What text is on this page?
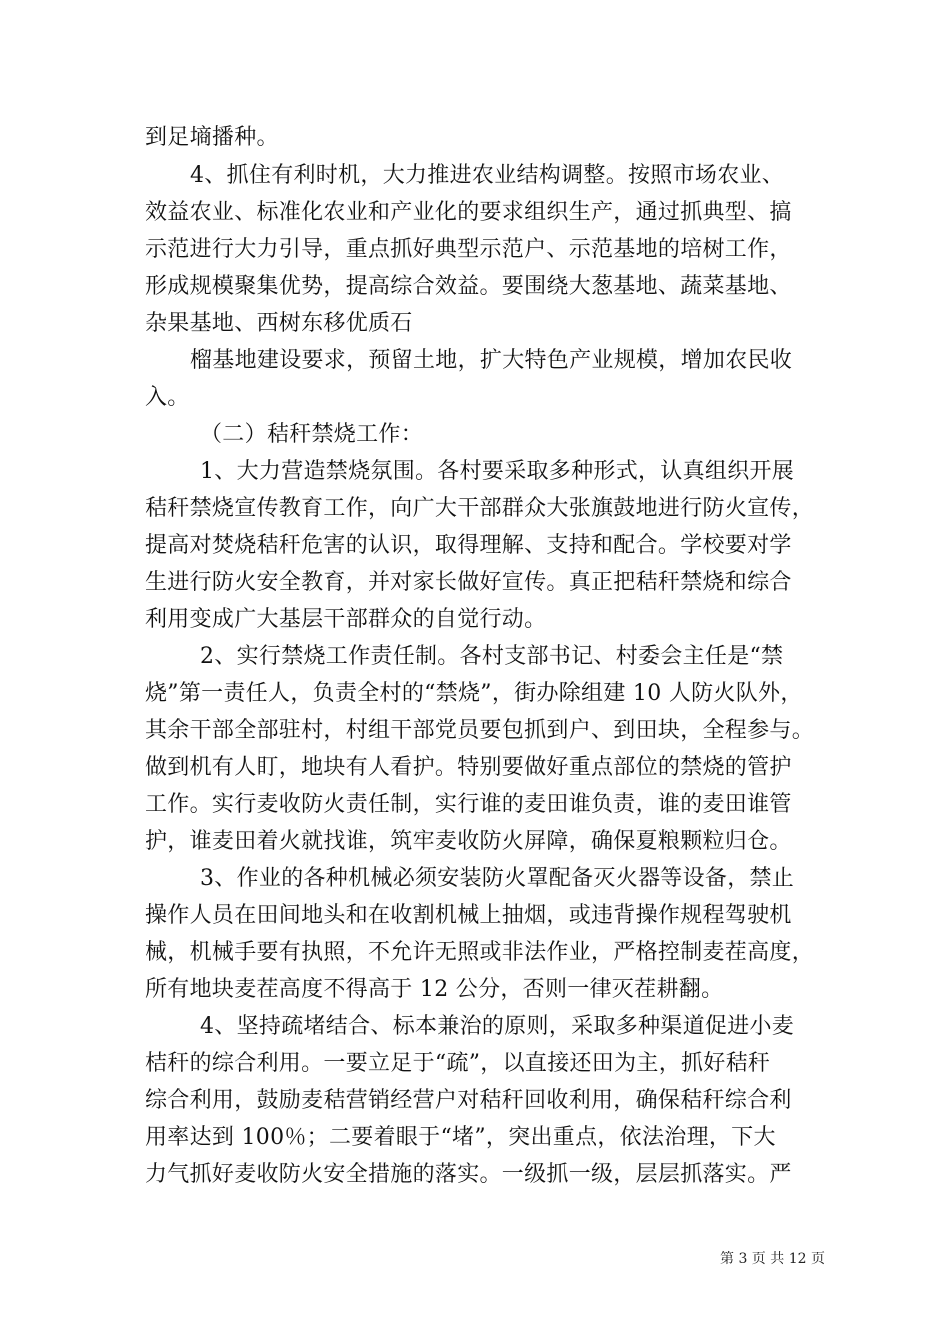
到足墒播种。
4、抓住有利时机，大力推进农业结构调整。按照市场农业、
效益农业、标准化农业和产业化的要求组织生产，通过抓典型、搞
示范进行大力引导，重点抓好典型示范户、示范基地的培树工作，
形成规模聚集优势，提高综合效益。要围绕大葱基地、蔬菜基地、
杂果基地、西树东移优质石
榴基地建设要求，预留土地，扩大特色产业规模，增加农民收
入。
（二）秸秆禁烧工作：
1、大力营造禁烧氛围。各村要采取多种形式，认真组织开展
秸秆禁烧宣传教育工作，向广大干部群众大张旗鼓地进行防火宣传，
提高对焚烧秸秆危害的认识，取得理解、支持和配合。学校要对学
生进行防火安全教育，并对家长做好宣传。真正把秸秆禁烧和综合
利用变成广大基层干部群众的自觉行动。
2、实行禁烧工作责任制。各村支部书记、村委会主任是“禁
烧”第一责任人，负责全村的“禁烧”，街办除组建 10 人防火队外，
其余干部全部驻村，村组干部党员要包抓到户、到田块，全程参与。
做到机有人盯，地块有人看护。特别要做好重点部位的禁烧的管护
工作。实行麦收防火责任制，实行谁的麦田谁负责，谁的麦田谁管
护，谁麦田着火就找谁，筑牢麦收防火屏障，确保夏粮颗粒归仓。
3、作业的各种机械必须安装防火罩配备灭火器等设备，禁止
操作人员在田间地头和在收割机械上抽烟，或违背操作规程驾驶机
械，机械手要有执照，不允许无照或非法作业，严格控制麦茬高度，
所有地块麦茬高度不得高于 12 公分，否则一律灭茬耕翻。
4、坚持疏堵结合、标本兼治的原则，采取多种渠道促进小麦
桔秆的综合利用。一要立足于“疏”，以直接还田为主，抓好秸秆
综合利用，鼓励麦秸营销经营户对秸秆回收利用，确保秸秆综合利
用率达到 100％；二要着眼于“堵”，突出重点，依法治理，下大
力气抓好麦收防火安全措施的落实。一级抓一级，层层抓落实。严
第 3 页 共 12 页
